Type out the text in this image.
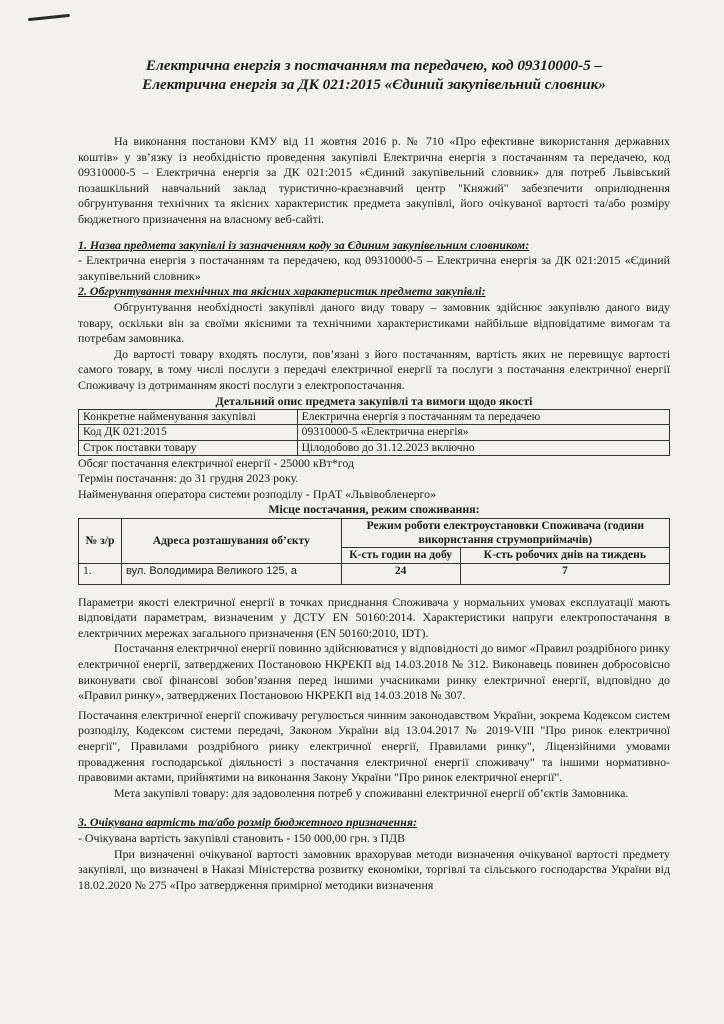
Електрична енергія з постачанням та передачею, код 09310000-5 –
Електрична енергія за ДК 021:2015 «Єдиний закупівельний словник»

На виконання постанови КМУ від 11 жовтня 2016 р. № 710 «Про ефективне використання державних коштів» у зв’язку із необхідністю проведення закупівлі Електрична енергія з постачанням та передачею, код 09310000-5 – Електрична енергія за ДК 021:2015 «Єдиний закупівельний словник» для потреб Львівський позашкільний навчальний заклад туристично-краєзнавчий центр "Княжий" забезпечити оприлюднення обгрунтування технічних та якісних характеристик предмета закупівлі, його очікуваної вартості та/або розміру бюджетного призначення на власному веб-сайті.

1. Назва предмета закупівлі із зазначенням коду за Єдиним закупівельним словником:

- Електрична енергія з постачанням та передачею, код 09310000-5 – Електрична енергія за ДК 021:2015 «Єдиний закупівельний словник»

2. Обгрунтування технічних та якісних характеристик предмета закупівлі:

Обгрунтування необхідності закупівлі даного виду товару – замовник здійснює закупівлю даного виду товару, оскільки він за своїми якісними та технічними характеристиками найбільше відповідатиме вимогам та потребам замовника.

До вартості товару входять послуги, пов’язані з його постачанням, вартість яких не перевищує вартості самого товару, в тому числі послуги з передачі електричної енергії та послуги з постачання електричної енергії Споживачу із дотриманням якості послуги з електропостачання.

Детальний опис предмета закупівлі та вимоги щодо якості
Конкретне найменування закупівлі	Електрична енергія з постачанням та передачею
Код ДК 021:2015	09310000-5 «Електрична енергія»
Строк поставки товару	Цілодобово до 31.12.2023 включно
Обсяг постачання електричної енергії - 25000 кВт*год
Термін постачання: до 31 грудня 2023 року.
Найменування оператора системи розподілу - ПрАТ «Львівобленерго»
Місце постачання, режим споживання:
№ з/р	Адреса розташування об’єкту	Режим роботи електроустановки Споживача (години використання струмоприймачів)	
		К-сть годин на добу	К-сть робочих днів на тиждень
1.	вул. Володимира Великого 125, а	24	7

Параметри якості електричної енергії в точках приєднання Споживача у нормальних умовах експлуатації мають відповідати параметрам, визначеним у ДСТУ EN 50160:2014. Характеристики напруги електропостачання в електричних мережах загального призначення (EN 50160:2010, IDT).

Постачання електричної енергії повинно здійснюватися у відповідності до вимог «Правил роздрібного ринку електричної енергії, затверджених Постановою НКРЕКП від 14.03.2018 № 312. Виконавець повинен добросовісно виконувати свої фінансові зобов’язання перед іншими учасниками ринку електричної енергії, відповідно до «Правил ринку», затверджених Постановою НКРЕКП від 14.03.2018 № 307.

Постачання електричної енергії споживачу регулюється чинним законодавством України, зокрема Кодексом систем розподілу, Кодексом системи передачі, Законом України від 13.04.2017 № 2019-VIII "Про ринок електричної енергії", Правилами роздрібного ринку електричної енергії, Правилами ринку", Ліцензійними умовами провадження господарської діяльності з постачання електричної енергії споживачу" та іншими нормативно-правовими актами, прийнятими на виконання Закону України "Про ринок електричної енергії".

Мета закупівлі товару: для задоволення потреб у споживанні електричної енергії об’єктів Замовника.

3. Очікувана вартість та/або розмір бюджетного призначення:
- Очікувана вартість закупівлі становить - 150 000,00 грн. з ПДВ

При визначенні очікуваної вартості замовник врахорував методи визначення очікуваної вартості предмету закупівлі, що визначені в Наказі Міністерства розвитку економіки, торгівлі та сільського господарства України від 18.02.2020 № 275 «Про затвердження примірної методики визначення
